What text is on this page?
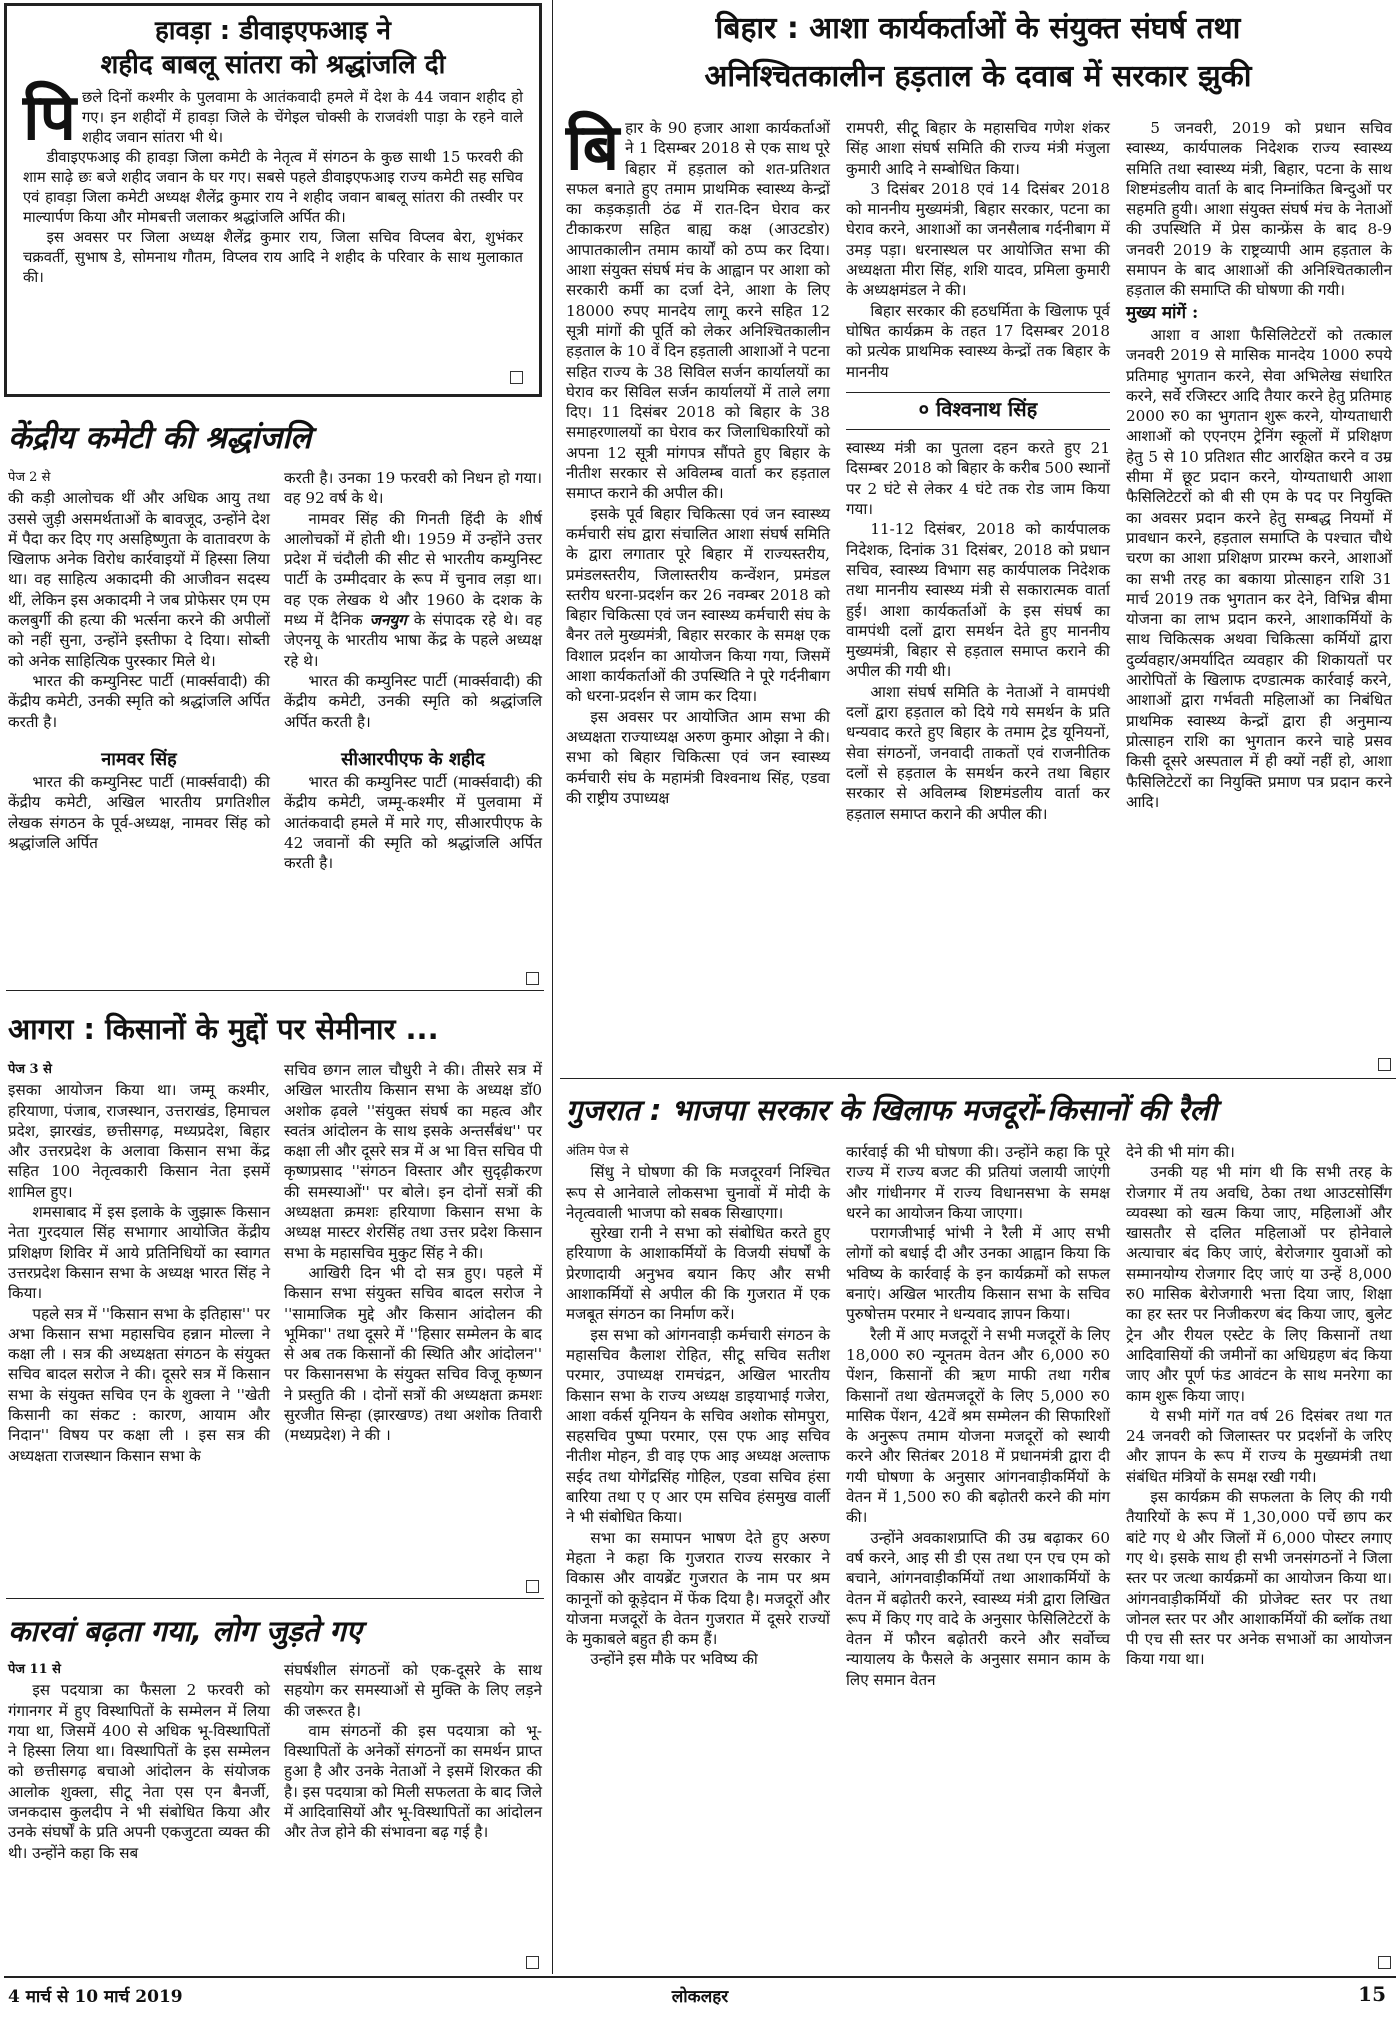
हावड़ा : डीवाइएफआइ ने
शहीद बाबलू सांतरा को श्रद्धांजलि दी

पिछले दिनों कश्मीर के पुलवामा के आतंकवादी हमले में देश के 44 जवान शहीद हो गए। इन शहीदों में हावड़ा जिले के चेंगेइल चोक्सी के राजवंशी पाड़ा के रहने वाले शहीद जवान सांतरा भी थे।

डीवाइएफआइ की हावड़ा जिला कमेटी के नेतृत्व में संगठन के कुछ साथी 15 फरवरी की शाम साढ़े छः बजे शहीद जवान के घर गए। सबसे पहले डीवाइएफआइ राज्य कमेटी सह सचिव एवं हावड़ा जिला कमेटी अध्यक्ष शैलेंद्र कुमार राय ने शहीद जवान बाबलू सांतरा की तस्वीर पर माल्यार्पण किया और मोमबत्ती जलाकर श्रद्धांजलि अर्पित की।

इस अवसर पर जिला अध्यक्ष शैलेंद्र कुमार राय, जिला सचिव विप्लव बेरा, शुभंकर चक्रवर्ती, सुभाष डे, सोमनाथ गौतम, विप्लव राय आदि ने शहीद के परिवार के साथ मुलाकात की।

केंद्रीय कमेटी की श्रद्धांजलि

पेज 2 से

की कड़ी आलोचक थीं और अधिक आयु तथा उससे जुड़ी असमर्थताओं के बावजूद, उन्होंने देश में पैदा कर दिए गए असहिष्णुता के वातावरण के खिलाफ अनेक विरोध कार्रवाइयों में हिस्सा लिया था। वह साहित्य अकादमी की आजीवन सदस्य थीं, लेकिन इस अकादमी ने जब प्रोफेसर एम एम कलबुर्गी की हत्या की भर्त्सना करने की अपीलों को नहीं सुना, उन्होंने इस्तीफा दे दिया। सोब्ती को अनेक साहित्यिक पुरस्कार मिले थे।

भारत की कम्युनिस्ट पार्टी (मार्क्सवादी) की केंद्रीय कमेटी, उनकी स्मृति को श्रद्धांजलि अर्पित करती है।

नामवर सिंह

भारत की कम्युनिस्ट पार्टी (मार्क्सवादी) की केंद्रीय कमेटी, अखिल भारतीय प्रगतिशील लेखक संगठन के पूर्व-अध्यक्ष, नामवर सिंह को श्रद्धांजलि अर्पित

करती है। उनका 19 फरवरी को निधन हो गया। वह 92 वर्ष के थे।

नामवर सिंह की गिनती हिंदी के शीर्ष आलोचकों में होती थी। 1959 में उन्होंने उत्तर प्रदेश में चंदौली की सीट से भारतीय कम्युनिस्ट पार्टी के उम्मीदवार के रूप में चुनाव लड़ा था। वह एक लेखक थे और 1960 के दशक के मध्य में दैनिक जनयुग के संपादक रहे थे। वह जेएनयू के भारतीय भाषा केंद्र के पहले अध्यक्ष रहे थे।

भारत की कम्युनिस्ट पार्टी (मार्क्सवादी) की केंद्रीय कमेटी, उनकी स्मृति को श्रद्धांजलि अर्पित करती है।

सीआरपीएफ के शहीद

भारत की कम्युनिस्ट पार्टी (मार्क्सवादी) की केंद्रीय कमेटी, जम्मू-कश्मीर में पुलवामा में आतंकवादी हमले में मारे गए, सीआरपीएफ के 42 जवानों की स्मृति को श्रद्धांजलि अर्पित करती है।

आगरा : किसानों के मुद्दों पर सेमीनार ...

पेज 3 से

इसका आयोजन किया था। जम्मू कश्मीर, हरियाणा, पंजाब, राजस्थान, उत्तराखंड, हिमाचल प्रदेश, झारखंड, छत्तीसगढ़, मध्यप्रदेश, बिहार और उत्तरप्रदेश के अलावा किसान सभा केंद्र सहित 100 नेतृत्वकारी किसान नेता इसमें शामिल हुए।

शमसाबाद में इस इलाके के जुझारू किसान नेता गुरदयाल सिंह सभागार आयोजित केंद्रीय प्रशिक्षण शिविर में आये प्रतिनिधियों का स्वागत उत्तरप्रदेश किसान सभा के अध्यक्ष भारत सिंह ने किया।

पहले सत्र में ''किसान सभा के इतिहास'' पर अभा किसान सभा महासचिव हन्नान मोल्ला ने कक्षा ली । सत्र की अध्यक्षता संगठन के संयुक्त सचिव बादल सरोज ने की। दूसरे सत्र में किसान सभा के संयुक्त सचिव एन के शुक्ला ने ''खेती किसानी का संकट : कारण, आयाम और निदान'' विषय पर कक्षा ली । इस सत्र की अध्यक्षता राजस्थान किसान सभा के

सचिव छगन लाल चौधुरी ने की। तीसरे सत्र में अखिल भारतीय किसान सभा के अध्यक्ष डॉ0 अशोक ढ़वले ''संयुक्त संघर्ष का महत्व और स्वतंत्र आंदोलन के साथ इसके अन्तर्संबंध'' पर कक्षा ली और दूसरे सत्र में अ भा वित्त सचिव पी कृष्णप्रसाद ''संगठन विस्तार और सुदृढ़ीकरण की समस्याओं'' पर बोले। इन दोनों सत्रों की अध्यक्षता क्रमशः हरियाणा किसान सभा के अध्यक्ष मास्टर शेरसिंह तथा उत्तर प्रदेश किसान सभा के महासचिव मुकुट सिंह ने की।

आखिरी दिन भी दो सत्र हुए। पहले में किसान सभा संयुक्त सचिव बादल सरोज ने ''सामाजिक मुद्दे और किसान आंदोलन की भूमिका'' तथा दूसरे में ''हिसार सम्मेलन के बाद से अब तक किसानों की स्थिति और आंदोलन'' पर किसानसभा के संयुक्त सचिव विजू कृष्णन ने प्रस्तुति की । दोनों सत्रों की अध्यक्षता क्रमशः सुरजीत सिन्हा (झारखण्ड) तथा अशोक तिवारी (मध्यप्रदेश) ने की ।

कारवां बढ़ता गया, लोग जुड़ते गए

पेज 11 से

इस पदयात्रा का फैसला 2 फरवरी को गंगानगर में हुए विस्थापितों के सम्मेलन में लिया गया था, जिसमें 400 से अधिक भू-विस्थापितों ने हिस्सा लिया था। विस्थापितों के इस सम्मेलन को छत्तीसगढ़ बचाओ आंदोलन के संयोजक आलोक शुक्ला, सीटू नेता एस एन बैनर्जी, जनकदास कुलदीप ने भी संबोधित किया और उनके संघर्षों के प्रति अपनी एकजुटता व्यक्त की थी। उन्होंने कहा कि सब

संघर्षशील संगठनों को एक-दूसरे के साथ सहयोग कर समस्याओं से मुक्ति के लिए लड़ने की जरूरत है।

वाम संगठनों की इस पदयात्रा को भू-विस्थापितों के अनेकों संगठनों का समर्थन प्राप्त हुआ है और उनके नेताओं ने इसमें शिरकत की है। इस पदयात्रा को मिली सफलता के बाद जिले में आदिवासियों और भू-विस्थापितों का आंदोलन और तेज होने की संभावना बढ़ गई है।

बिहार : आशा कार्यकर्ताओं के संयुक्त संघर्ष तथा
अनिश्चितकालीन हड़ताल के दवाब में सरकार झुकी

बिहार के 90 हजार आशा कार्यकर्ताओं ने 1 दिसम्बर 2018 से एक साथ पूरे बिहार में हड़ताल को शत-प्रतिशत सफल बनाते हुए तमाम प्राथमिक स्वास्थ्य केन्द्रों का कड़कड़ाती ठंढ में रात-दिन घेराव कर टीकाकरण सहित बाह्य कक्ष (आउटडोर) आपातकालीन तमाम कार्यों को ठप्प कर दिया। आशा संयुक्त संघर्ष मंच के आह्वान पर आशा को सरकारी कर्मी का दर्जा देने, आशा के लिए 18000 रुपए मानदेय लागू करने सहित 12 सूत्री मांगों की पूर्ति को लेकर अनिश्चितकालीन हड़ताल के 10 वें दिन हड़ताली आशाओं ने पटना सहित राज्य के 38 सिविल सर्जन कार्यालयों का घेराव कर सिविल सर्जन कार्यालयों में ताले लगा दिए। 11 दिसंबर 2018 को बिहार के 38 समाहरणालयों का घेराव कर जिलाधिकारियों को अपना 12 सूत्री मांगपत्र सौंपते हुए बिहार के नीतीश सरकार से अविलम्ब वार्ता कर हड़ताल समाप्त कराने की अपील की।

इसके पूर्व बिहार चिकित्सा एवं जन स्वास्थ्य कर्मचारी संघ द्वारा संचालित आशा संघर्ष समिति के द्वारा लगातार पूरे बिहार में राज्यस्तरीय, प्रमंडलस्तरीय, जिलास्तरीय कन्वेंशन, प्रमंडल स्तरीय धरना-प्रदर्शन कर 26 नवम्बर 2018 को बिहार चिकित्सा एवं जन स्वास्थ्य कर्मचारी संघ के बैनर तले मुख्यमंत्री, बिहार सरकार के समक्ष एक विशाल प्रदर्शन का आयोजन किया गया, जिसमें आशा कार्यकर्ताओं की उपस्थिति ने पूरे गर्दनीबाग को धरना-प्रदर्शन से जाम कर दिया।

इस अवसर पर आयोजित आम सभा की अध्यक्षता राज्याध्यक्ष अरुण कुमार ओझा ने की। सभा को बिहार चिकित्सा एवं जन स्वास्थ्य कर्मचारी संघ के महामंत्री विश्वनाथ सिंह, एडवा की राष्ट्रीय उपाध्यक्ष

रामपरी, सीटू बिहार के महासचिव गणेश शंकर सिंह आशा संघर्ष समिति की राज्य मंत्री मंजुला कुमारी आदि ने सम्बोधित किया।

3 दिसंबर 2018 एवं 14 दिसंबर 2018 को माननीय मुख्यमंत्री, बिहार सरकार, पटना का घेराव करने, आशाओं का जनसैलाब गर्दनीबाग में उमड़ पड़ा। धरनास्थल पर आयोजित सभा की अध्यक्षता मीरा सिंह, शशि यादव, प्रमिला कुमारी के अध्यक्षमंडल ने की।

बिहार सरकार की हठधर्मिता के खिलाफ पूर्व घोषित कार्यक्रम के तहत 17 दिसम्बर 2018 को प्रत्येक प्राथमिक स्वास्थ्य केन्द्रों तक बिहार के माननीय

० विश्वनाथ सिंह

स्वास्थ्य मंत्री का पुतला दहन करते हुए 21 दिसम्बर 2018 को बिहार के करीब 500 स्थानों पर 2 घंटे से लेकर 4 घंटे तक रोड जाम किया गया।

11-12 दिसंबर, 2018 को कार्यपालक निदेशक, दिनांक 31 दिसंबर, 2018 को प्रधान सचिव, स्वास्थ्य विभाग सह कार्यपालक निदेशक तथा माननीय स्वास्थ्य मंत्री से सकारात्मक वार्ता हुई। आशा कार्यकर्ताओं के इस संघर्ष का वामपंथी दलों द्वारा समर्थन देते हुए माननीय मुख्यमंत्री, बिहार से हड़ताल समाप्त कराने की अपील की गयी थी।

आशा संघर्ष समिति के नेताओं ने वामपंथी दलों द्वारा हड़ताल को दिये गये समर्थन के प्रति धन्यवाद करते हुए बिहार के तमाम ट्रेड यूनियनों, सेवा संगठनों, जनवादी ताकतों एवं राजनीतिक दलों से हड़ताल के समर्थन करने तथा बिहार सरकार से अविलम्ब शिष्टमंडलीय वार्ता कर हड़ताल समाप्त कराने की अपील की।

5 जनवरी, 2019 को प्रधान सचिव स्वास्थ्य, कार्यपालक निदेशक राज्य स्वास्थ्य समिति तथा स्वास्थ्य मंत्री, बिहार, पटना के साथ शिष्टमंडलीय वार्ता के बाद निम्नांकित बिन्दुओं पर सहमति हुयी। आशा संयुक्त संघर्ष मंच के नेताओं की उपस्थिति में प्रेस कान्फ्रेंस के बाद 8-9 जनवरी 2019 के राष्ट्रव्यापी आम हड़ताल के समापन के बाद आशाओं की अनिश्चितकालीन हड़ताल की समाप्ति की घोषणा की गयी।

मुख्य मांगें :

आशा व आशा फैसिलिटेटरों को तत्काल जनवरी 2019 से मासिक मानदेय 1000 रुपये प्रतिमाह भुगतान करने, सेवा अभिलेख संधारित करने, सर्वे रजिस्टर आदि तैयार करने हेतु प्रतिमाह 2000 रु0 का भुगतान शुरू करने, योग्यताधारी आशाओं को एएनएम ट्रेनिंग स्कूलों में प्रशिक्षण हेतु 5 से 10 प्रतिशत सीट आरक्षित करने व उम्र सीमा में छूट प्रदान करने, योग्यताधारी आशा फैसिलिटेटरों को बी सी एम के पद पर नियुक्ति का अवसर प्रदान करने हेतु सम्बद्ध नियमों में प्रावधान करने, हड़ताल समाप्ति के पश्चात चौथे चरण का आशा प्रशिक्षण प्रारम्भ करने, आशाओं का सभी तरह का बकाया प्रोत्साहन राशि 31 मार्च 2019 तक भुगतान कर देने, विभिन्न बीमा योजना का लाभ प्रदान करने, आशाकर्मियों के साथ चिकित्सक अथवा चिकित्सा कर्मियों द्वारा दुर्व्यवहार/अमर्यादित व्यवहार की शिकायतों पर आरोपितों के खिलाफ दण्डात्मक कार्रवाई करने, आशाओं द्वारा गर्भवती महिलाओं का निबंधित प्राथमिक स्वास्थ्य केन्द्रों द्वारा ही अनुमान्य प्रोत्साहन राशि का भुगतान करने चाहे प्रसव किसी दूसरे अस्पताल में ही क्यों नहीं हो, आशा फैसिलिटेटरों का नियुक्ति प्रमाण पत्र प्रदान करने आदि।

गुजरात : भाजपा सरकार के खिलाफ मजदूरों-किसानों की रैली

अंतिम पेज से

सिंधु ने घोषणा की कि मजदूरवर्ग निश्चित रूप से आनेवाले लोकसभा चुनावों में मोदी के नेतृत्ववाली भाजपा को सबक सिखाएगा।

सुरेखा रानी ने सभा को संबोधित करते हुए हरियाणा के आशाकर्मियों के विजयी संघर्षों के प्रेरणादायी अनुभव बयान किए और सभी आशाकर्मियों से अपील की कि गुजरात में एक मजबूत संगठन का निर्माण करें।

इस सभा को आंगनवाड़ी कर्मचारी संगठन के महासचिव कैलाश रोहित, सीटू सचिव सतीश परमार, उपाध्यक्ष रामचंद्रन, अखिल भारतीय किसान सभा के राज्य अध्यक्ष डाइयाभाई गजेरा, आशा वर्कर्स यूनियन के सचिव अशोक सोमपुरा, सहसचिव पुष्पा परमार, एस एफ आइ सचिव नीतीश मोहन, डी वाइ एफ आइ अध्यक्ष अल्ताफ सईद तथा योगेंद्रसिंह गोहिल, एडवा सचिव हंसा बारिया तथा ए ए आर एम सचिव हंसमुख वार्ली ने भी संबोधित किया।

सभा का समापन भाषण देते हुए अरुण मेहता ने कहा कि गुजरात राज्य सरकार ने विकास और वायब्रेंट गुजरात के नाम पर श्रम कानूनों को कूड़ेदान में फेंक दिया है। मजदूरों और योजना मजदूरों के वेतन गुजरात में दूसरे राज्यों के मुकाबले बहुत ही कम हैं।

उन्होंने इस मौके पर भविष्य की

कार्रवाई की भी घोषणा की। उन्होंने कहा कि पूरे राज्य में राज्य बजट की प्रतियां जलायी जाएंगी और गांधीनगर में राज्य विधानसभा के समक्ष धरने का आयोजन किया जाएगा।

परागजीभाई भांभी ने रैली में आए सभी लोगों को बधाई दी और उनका आह्वान किया कि भविष्य के कार्रवाई के इन कार्यक्रमों को सफल बनाएं। अखिल भारतीय किसान सभा के सचिव पुरुषोत्तम परमार ने धन्यवाद ज्ञापन किया।

रैली में आए मजदूरों ने सभी मजदूरों के लिए 18,000 रु0 न्यूनतम वेतन और 6,000 रु0 पेंशन, किसानों की ऋण माफी तथा गरीब किसानों तथा खेतमजदूरों के लिए 5,000 रु0 मासिक पेंशन, 42वें श्रम सम्मेलन की सिफारिशों के अनुरूप तमाम योजना मजदूरों को स्थायी करने और सितंबर 2018 में प्रधानमंत्री द्वारा दी गयी घोषणा के अनुसार आंगनवाड़ीकर्मियों के वेतन में 1,500 रु0 की बढ़ोतरी करने की मांग की।

उन्होंने अवकाशप्राप्ति की उम्र बढ़ाकर 60 वर्ष करने, आइ सी डी एस तथा एन एच एम को बचाने, आंगनवाड़ीकर्मियों तथा आशाकर्मियों के वेतन में बढ़ोतरी करने, स्वास्थ्य मंत्री द्वारा लिखित रूप में किए गए वादे के अनुसार फेसिलिटेटरों के वेतन में फौरन बढ़ोतरी करने और सर्वोच्च न्यायालय के फैसले के अनुसार समान काम के लिए समान वेतन

देने की भी मांग की।

उनकी यह भी मांग थी कि सभी तरह के रोजगार में तय अवधि, ठेका तथा आउटसोर्सिंग व्यवस्था को खत्म किया जाए, महिलाओं और खासतौर से दलित महिलाओं पर होनेवाले अत्याचार बंद किए जाएं, बेरोजगार युवाओं को सम्मानयोग्य रोजगार दिए जाएं या उन्हें 8,000 रु0 मासिक बेरोजगारी भत्ता दिया जाए, शिक्षा का हर स्तर पर निजीकरण बंद किया जाए, बुलेट ट्रेन और रीयल एस्टेट के लिए किसानों तथा आदिवासियों की जमीनों का अधिग्रहण बंद किया जाए और पूर्ण फंड आवंटन के साथ मनरेगा का काम शुरू किया जाए।

ये सभी मांगें गत वर्ष 26 दिसंबर तथा गत 24 जनवरी को जिलास्तर पर प्रदर्शनों के जरिए और ज्ञापन के रूप में राज्य के मुख्यमंत्री तथा संबंधित मंत्रियों के समक्ष रखी गयी।

इस कार्यक्रम की सफलता के लिए की गयी तैयारियों के रूप में 1,30,000 पर्चे छाप कर बांटे गए थे और जिलों में 6,000 पोस्टर लगाए गए थे। इसके साथ ही सभी जनसंगठनों ने जिला स्तर पर जत्था कार्यक्रमों का आयोजन किया था। आंगनवाड़ीकर्मियों की प्रोजेक्ट स्तर पर तथा जोनल स्तर पर और आशाकर्मियों की ब्लॉक तथा पी एच सी स्तर पर अनेक सभाओं का आयोजन किया गया था।

4 मार्च से 10 मार्च 2019	लोकलहर	15
